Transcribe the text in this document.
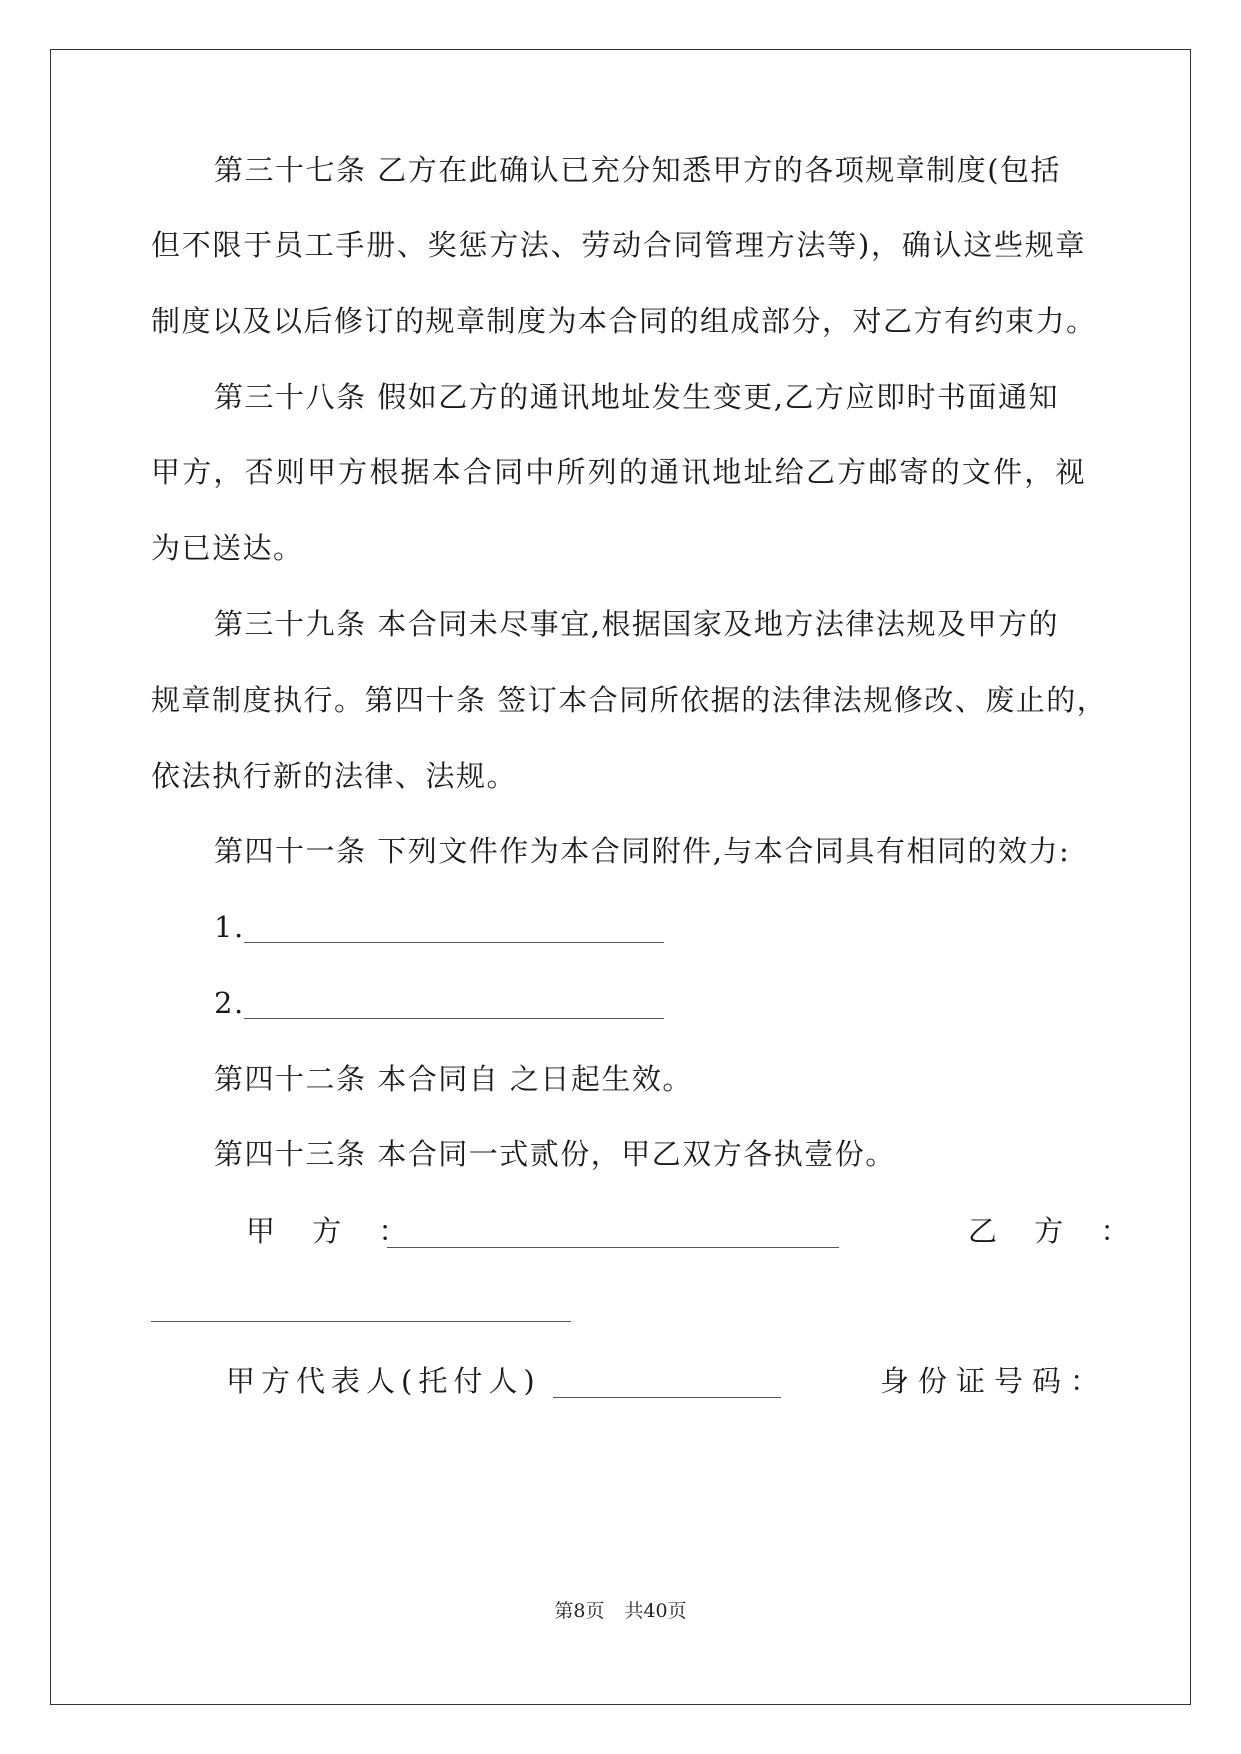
第三十七条 乙方在此确认已充分知悉甲方的各项规章制度(包括
但不限于员工手册、奖惩方法、劳动合同管理方法等)，确认这些规章
制度以及以后修订的规章制度为本合同的组成部分，对乙方有约束力。
第三十八条 假如乙方的通讯地址发生变更,乙方应即时书面通知
甲方，否则甲方根据本合同中所列的通讯地址给乙方邮寄的文件，视
为已送达。
第三十九条 本合同未尽事宜,根据国家及地方法律法规及甲方的
规章制度执行。第四十条 签订本合同所依据的法律法规修改、废止的，
依法执行新的法律、法规。
第四十一条 下列文件作为本合同附件,与本合同具有相同的效力:
1.
2.
第四十二条 本合同自 之日起生效。
第四十三条 本合同一式贰份，甲乙双方各执壹份。
甲 方 ：	乙 方 ：
甲方代表人(托付人)	身份证号码：
第8页 共40页
